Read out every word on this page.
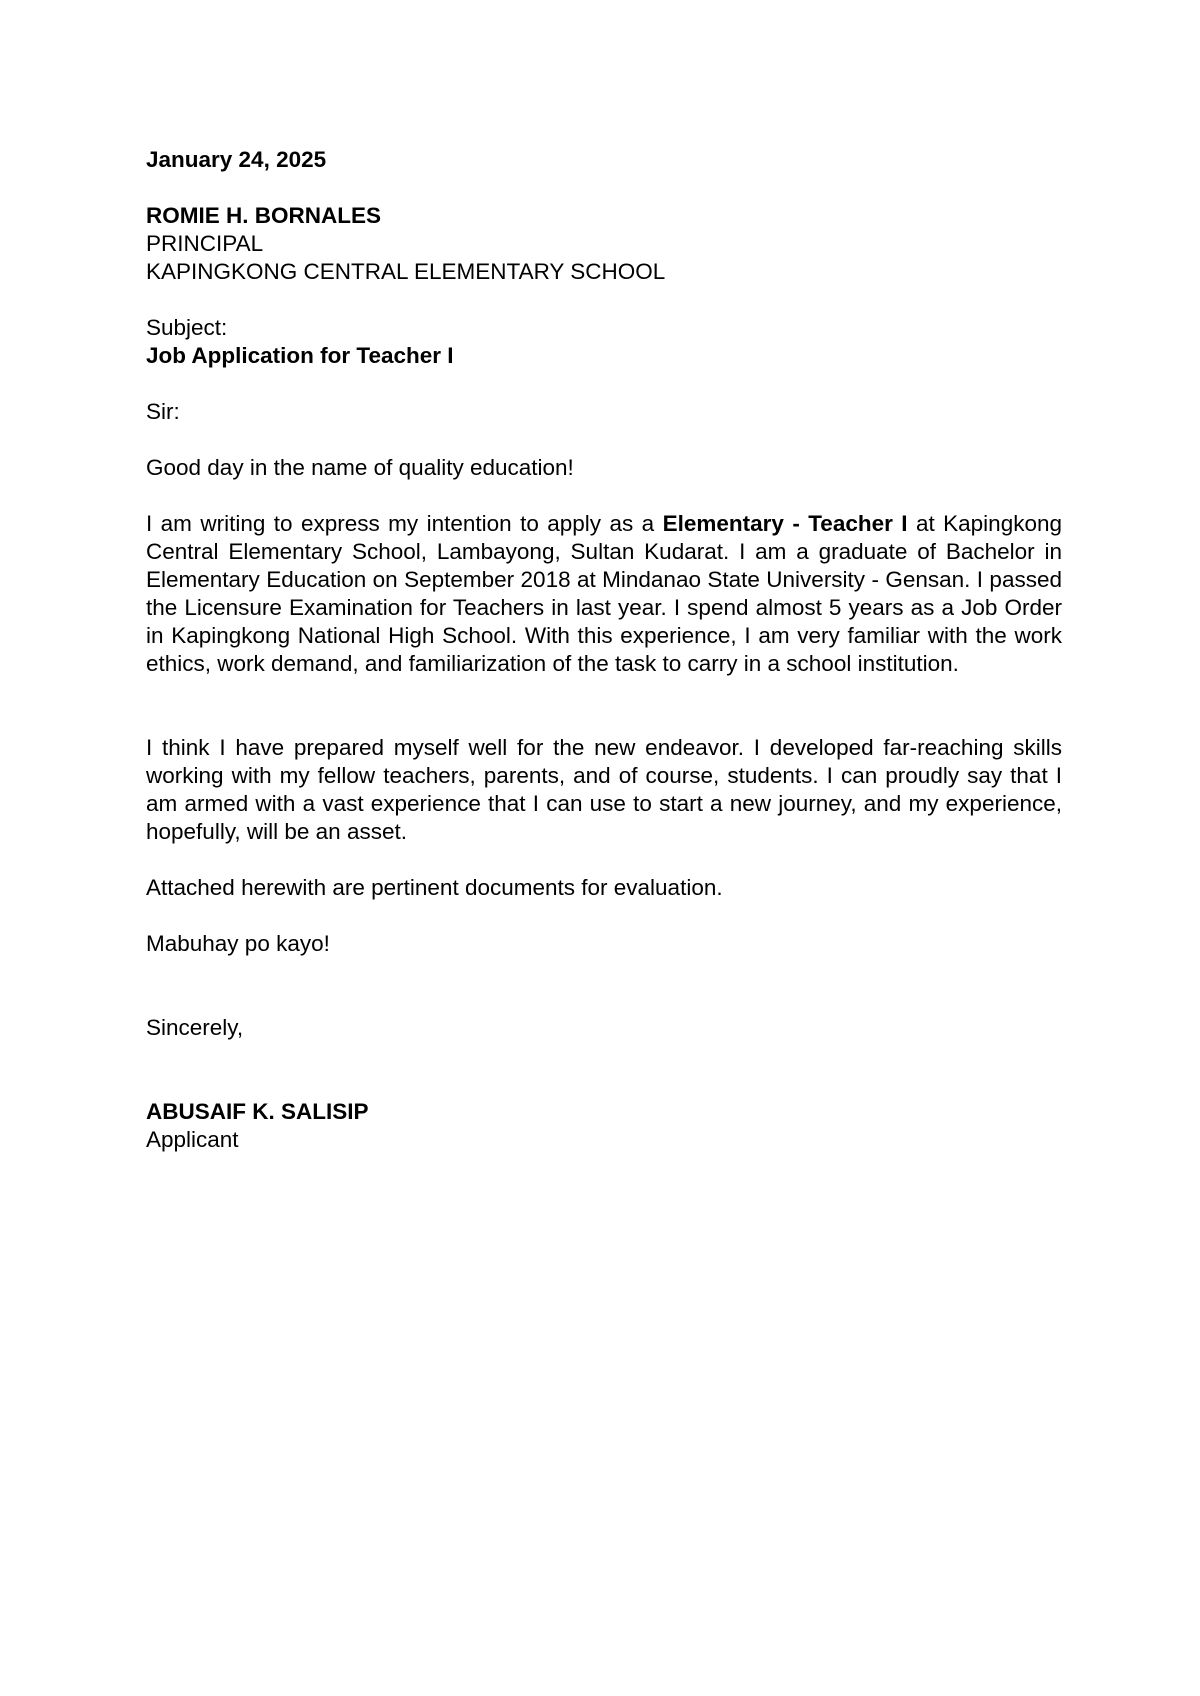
January 24, 2025
ROMIE H. BORNALES
PRINCIPAL
KAPINGKONG CENTRAL ELEMENTARY SCHOOL
Subject:
Job Application for Teacher I
Sir:
Good day in the name of quality education!
I am writing to express my intention to apply as a Elementary - Teacher I at Kapingkong Central Elementary School, Lambayong, Sultan Kudarat. I am a graduate of Bachelor in Elementary Education on September 2018 at Mindanao State University - Gensan. I passed the Licensure Examination for Teachers in last year. I spend almost 5 years as a Job Order in Kapingkong National High School. With this experience, I am very familiar with the work ethics, work demand, and familiarization of the task to carry in a school institution.
I think I have prepared myself well for the new endeavor. I developed far-reaching skills working with my fellow teachers, parents, and of course, students. I can proudly say that I am armed with a vast experience that I can use to start a new journey, and my experience, hopefully, will be an asset.
Attached herewith are pertinent documents for evaluation.
Mabuhay po kayo!
Sincerely,
ABUSAIF K. SALISIP
Applicant
